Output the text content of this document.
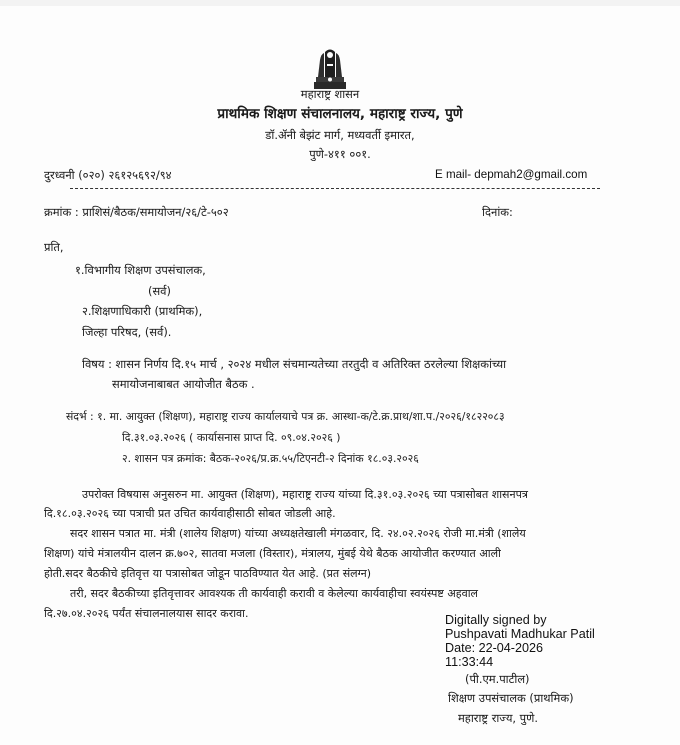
महाराष्ट्र शासन
प्राथमिक शिक्षण संचालनालय, महाराष्ट्र राज्य, पुणे
डॉ.ॲनी बेझंट मार्ग, मध्यवर्ती इमारत,
पुणे-४११ ००१.
दुरध्वनी (०२०) २६१२५६९२/९४	E mail- depmah2@gmail.com
क्रमांक : प्राशिसं/बैठक/समायोजन/२६/टे-५०२	दिनांक:
प्रति,
१.विभागीय शिक्षण उपसंचालक,
(सर्व)
२.शिक्षणाधिकारी (प्राथमिक),
जिल्हा परिषद, (सर्व).
विषय : शासन निर्णय दि.१५ मार्च , २०२४ मधील संचमान्यतेच्या तरतुदी व अतिरिक्त ठरलेल्या शिक्षकांच्या
समायोजनाबाबत आयोजीत बैठक .
संदर्भ : १. मा. आयुक्त (शिक्षण), महाराष्ट्र राज्य कार्यालयाचे पत्र क्र. आस्था-क/टे.क्र.प्राथ/शा.प./२०२६/१८२२०८३
दि.३१.०३.२०२६ ( कार्यासनास प्राप्त दि. ०९.०४.२०२६ )
२. शासन पत्र क्रमांक: बैठक-२०२६/प्र.क्र.५५/टिएनटी-२ दिनांक १८.०३.२०२६
उपरोक्त विषयास अनुसरुन मा. आयुक्त (शिक्षण), महाराष्ट्र राज्य यांच्या दि.३१.०३.२०२६ च्या पत्रासोबत शासनपत्र
दि.१८.०३.२०२६ च्या पत्राची प्रत उचित कार्यवाहीसाठी सोबत जोडली आहे.
सदर शासन पत्रात मा. मंत्री (शालेय शिक्षण) यांच्या अध्यक्षतेखाली मंगळवार, दि. २४.०२.२०२६ रोजी मा.मंत्री (शालेय
शिक्षण) यांचे मंत्रालयीन दालन क्र.७०२, सातवा मजला (विस्तार), मंत्रालय, मुंबई येथे बैठक आयोजीत करण्यात आली
होती.सदर बैठकीचे इतिवृत्त या पत्रासोबत जोडून पाठविण्यात येत आहे. (प्रत संलग्न)
तरी, सदर बैठकीच्या इतिवृत्तावर आवश्यक ती कार्यवाही करावी व केलेल्या कार्यवाहीचा स्वयंस्पष्ट अहवाल
दि.२७.०४.२०२६ पर्यंत संचालनालयास सादर करावा.	Digitally signed by
Pushpavati Madhukar Patil
Date: 22-04-2026
11:33:44
(पी.एम.पाटील)
शिक्षण उपसंचालक (प्राथमिक)
महाराष्ट्र राज्य, पुणे.
